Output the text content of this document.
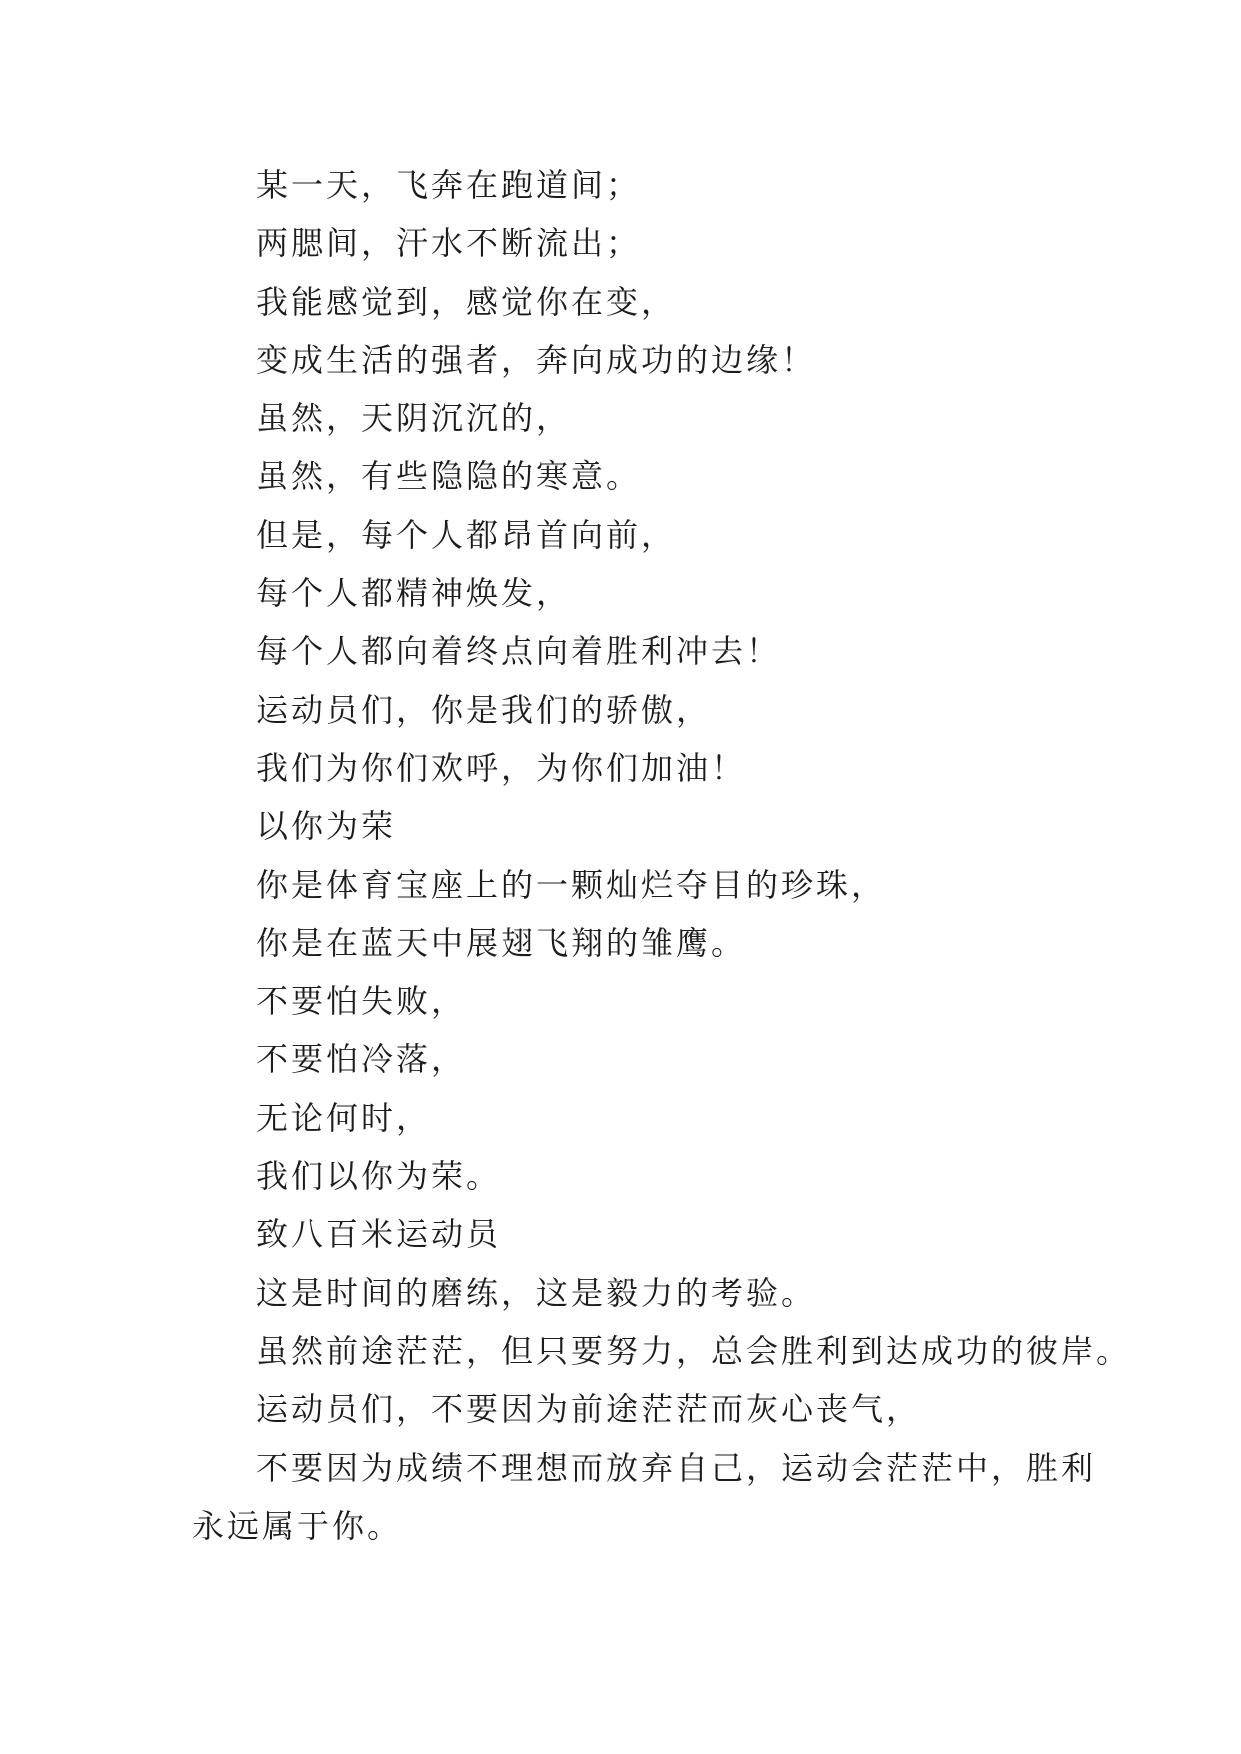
某一天，飞奔在跑道间；
两腮间，汗水不断流出；
我能感觉到，感觉你在变，
变成生活的强者，奔向成功的边缘！
虽然，天阴沉沉的，
虽然，有些隐隐的寒意。
但是，每个人都昂首向前，
每个人都精神焕发，
每个人都向着终点向着胜利冲去！
运动员们，你是我们的骄傲，
我们为你们欢呼，为你们加油！
以你为荣
你是体育宝座上的一颗灿烂夺目的珍珠，
你是在蓝天中展翅飞翔的雏鹰。
不要怕失败，
不要怕冷落，
无论何时，
我们以你为荣。
致八百米运动员
这是时间的磨练，这是毅力的考验。
虽然前途茫茫，但只要努力，总会胜利到达成功的彼岸。
运动员们，不要因为前途茫茫而灰心丧气，
不要因为成绩不理想而放弃自己，运动会茫茫中，胜利
永远属于你。
